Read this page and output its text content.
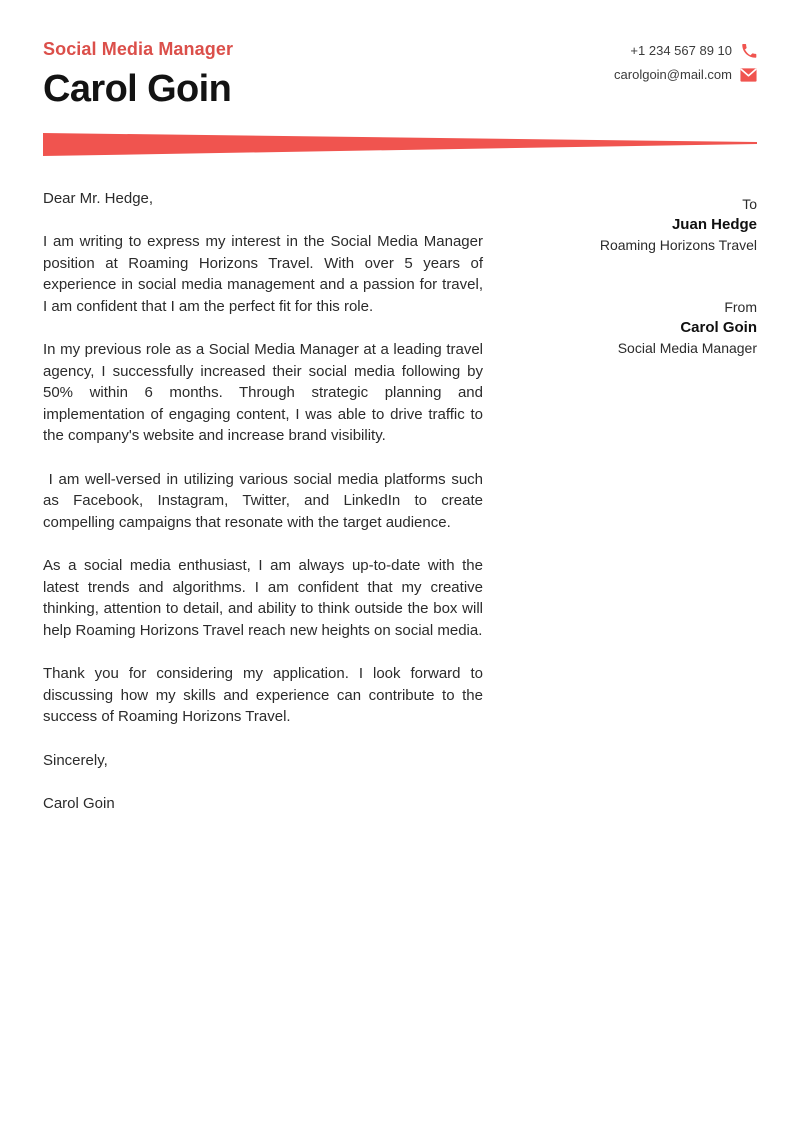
Social Media Manager
Carol Goin
+1 234 567 89 10
carolgoin@mail.com

Dear Mr. Hedge,

I am writing to express my interest in the Social Media Manager position at Roaming Horizons Travel. With over 5 years of experience in social media management and a passion for travel, I am confident that I am the perfect fit for this role.

In my previous role as a Social Media Manager at a leading travel agency, I successfully increased their social media following by 50% within 6 months. Through strategic planning and implementation of engaging content, I was able to drive traffic to the company's website and increase brand visibility.

I am well-versed in utilizing various social media platforms such as Facebook, Instagram, Twitter, and LinkedIn to create compelling campaigns that resonate with the target audience.

As a social media enthusiast, I am always up-to-date with the latest trends and algorithms. I am confident that my creative thinking, attention to detail, and ability to think outside the box will help Roaming Horizons Travel reach new heights on social media.

Thank you for considering my application. I look forward to discussing how my skills and experience can contribute to the success of Roaming Horizons Travel.

Sincerely,

Carol Goin

To

Juan Hedge

Roaming Horizons Travel

From

Carol Goin

Social Media Manager
